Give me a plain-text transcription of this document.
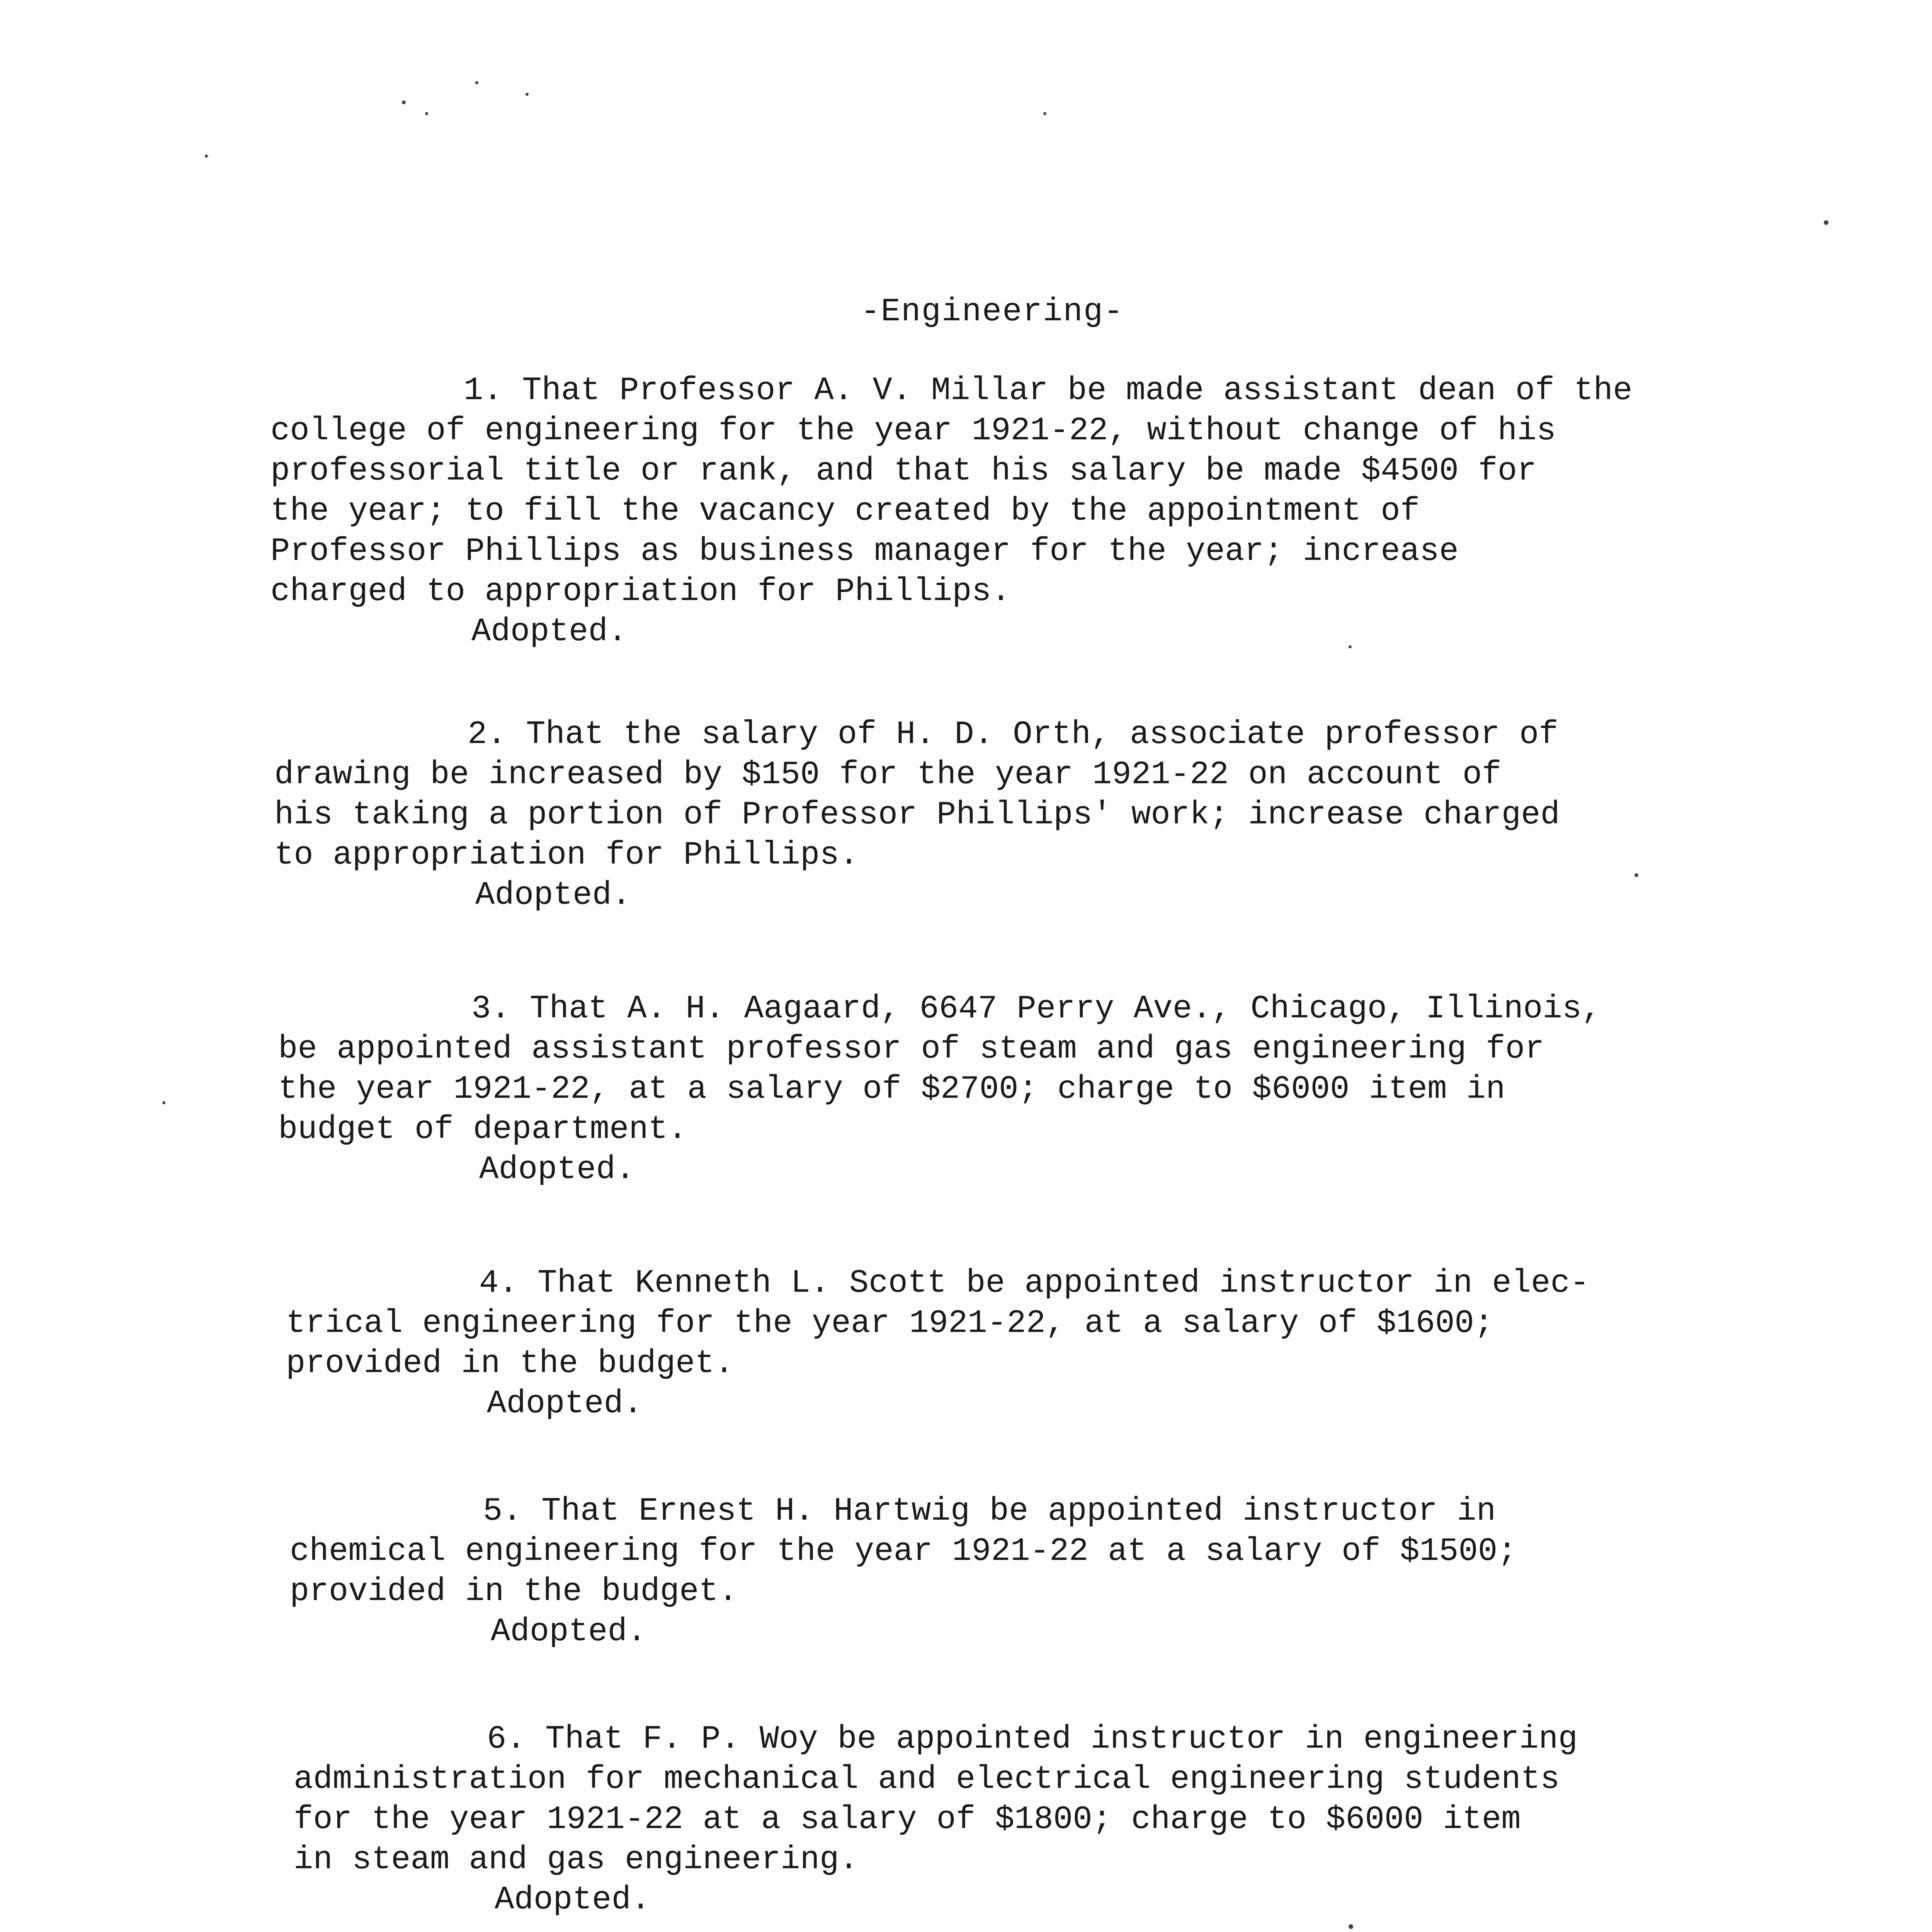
-Engineering-
1. That Professor A. V. Millar be made assistant dean of the
college of engineering for the year 1921-22, without change of his
professorial title or rank, and that his salary be made $4500 for
the year; to fill the vacancy created by the appointment of
Professor Phillips as business manager for the year; increase
charged to appropriation for Phillips.
Adopted.
2. That the salary of H. D. Orth, associate professor of
drawing be increased by $150 for the year 1921-22 on account of
his taking a portion of Professor Phillips' work; increase charged
to appropriation for Phillips.
Adopted.
3. That A. H. Aagaard, 6647 Perry Ave., Chicago, Illinois,
be appointed assistant professor of steam and gas engineering for
the year 1921-22, at a salary of $2700; charge to $6000 item in
budget of department.
Adopted.
4. That Kenneth L. Scott be appointed instructor in elec-
trical engineering for the year 1921-22, at a salary of $1600;
provided in the budget.
Adopted.
5. That Ernest H. Hartwig be appointed instructor in
chemical engineering for the year 1921-22 at a salary of $1500;
provided in the budget.
Adopted.
6. That F. P. Woy be appointed instructor in engineering
administration for mechanical and electrical engineering students
for the year 1921-22 at a salary of $1800; charge to $6000 item
in steam and gas engineering.
Adopted.
